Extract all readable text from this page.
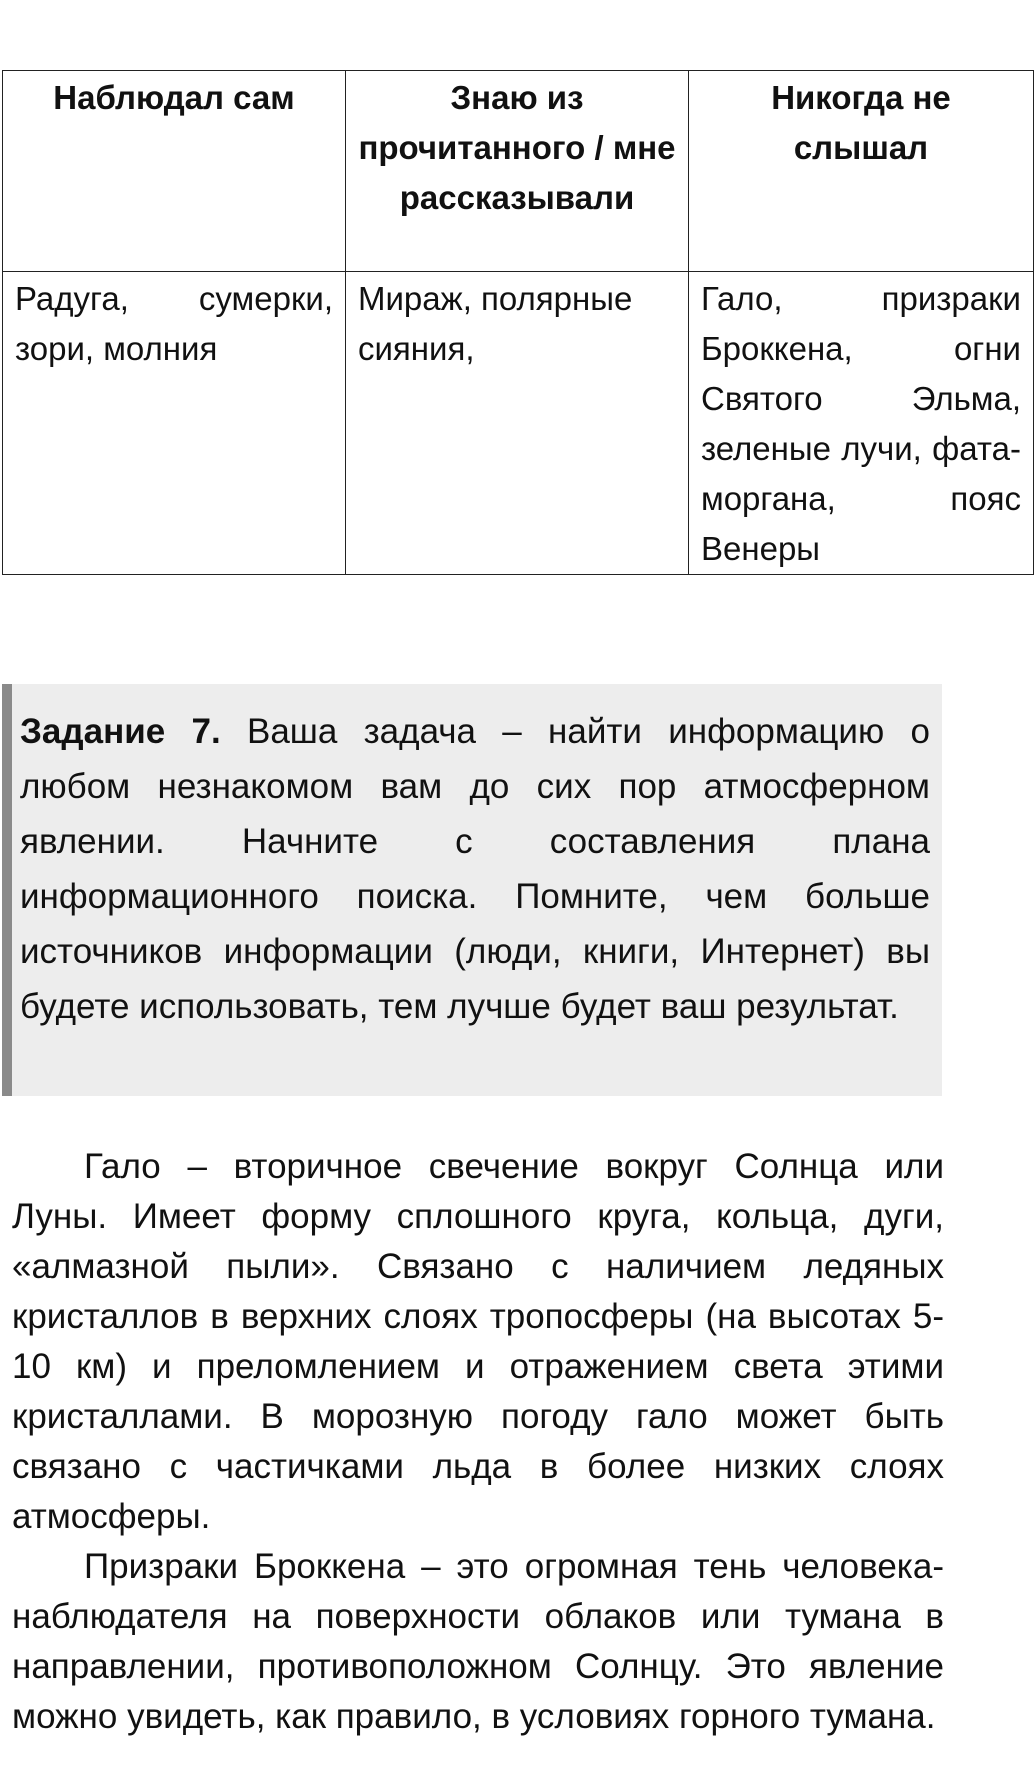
Наблюдал сам	Знаю из прочитанного / мне рассказывали	Никогда не слышал
Радуга, сумерки, зори, молния	Мираж, полярные сияния,	Гало, призраки Броккена, огни Святого Эльма, зеленые лучи, фата-моргана, пояс Венеры
Задание 7. Ваша задача – найти информацию о любом незнакомом вам до сих пор атмосферном явлении. Начните с составления плана информационного поиска. Помните, чем больше источников информации (люди, книги, Интернет) вы будете использовать, тем лучше будет ваш результат.

Гало – вторичное свечение вокруг Солнца или Луны. Имеет форму сплошного круга, кольца, дуги, «алмазной пыли». Связано с наличием ледяных кристаллов в верхних слоях тропосферы (на высотах 5-10 км) и преломлением и отражением света этими кристаллами. В морозную погоду гало может быть связано с частичками льда в более низких слоях атмосферы.

Призраки Броккена – это огромная тень человека-наблюдателя на поверхности облаков или тумана в направлении, противоположном Солнцу. Это явление можно увидеть, как правило, в условиях горного тумана.
